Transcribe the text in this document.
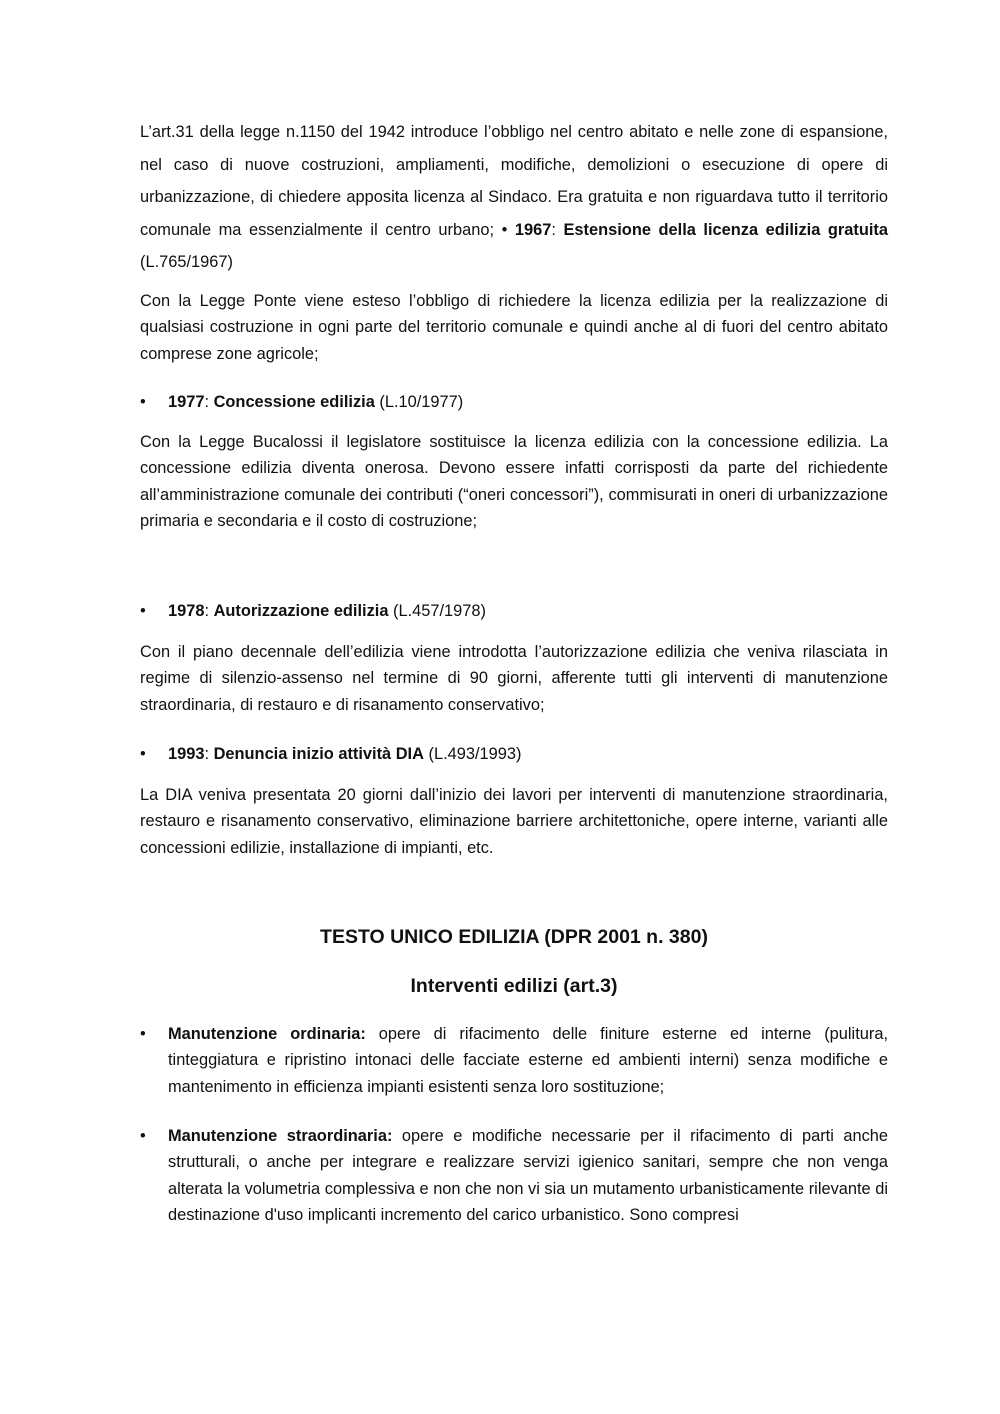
L’art.31 della legge n.1150 del 1942 introduce l’obbligo nel centro abitato e nelle zone di espansione, nel caso di nuove costruzioni, ampliamenti, modifiche, demolizioni o esecuzione di opere di urbanizzazione, di chiedere apposita licenza al Sindaco. Era gratuita e non riguardava tutto il territorio comunale ma essenzialmente il centro urbano; • 1967: Estensione della licenza edilizia gratuita (L.765/1967)

Con la Legge Ponte viene esteso l’obbligo di richiedere la licenza edilizia per la realizzazione di qualsiasi costruzione in ogni parte del territorio comunale e quindi anche al di fuori del centro abitato comprese zone agricole;

• 1977: Concessione edilizia (L.10/1977)

Con la Legge Bucalossi il legislatore sostituisce la licenza edilizia con la concessione edilizia. La concessione edilizia diventa onerosa. Devono essere infatti corrisposti da parte del richiedente all’amministrazione comunale dei contributi (“oneri concessori”), commisurati in oneri di urbanizzazione primaria e secondaria e il costo di costruzione;

• 1978: Autorizzazione edilizia (L.457/1978)

Con il piano decennale dell’edilizia viene introdotta l’autorizzazione edilizia che veniva rilasciata in regime di silenzio-assenso nel termine di 90 giorni, afferente tutti gli interventi di manutenzione straordinaria, di restauro e di risanamento conservativo;

• 1993: Denuncia inizio attività DIA (L.493/1993)

La DIA veniva presentata 20 giorni dall’inizio dei lavori per interventi di manutenzione straordinaria, restauro e risanamento conservativo, eliminazione barriere architettoniche, opere interne, varianti alle concessioni edilizie, installazione di impianti, etc.

TESTO UNICO EDILIZIA (DPR 2001 n. 380)
Interventi edilizi (art.3)
• Manutenzione ordinaria: opere di rifacimento delle finiture esterne ed interne (pulitura, tinteggiatura e ripristino intonaci delle facciate esterne ed ambienti interni) senza modifiche e mantenimento in efficienza impianti esistenti senza loro sostituzione;
• Manutenzione straordinaria: opere e modifiche necessarie per il rifacimento di parti anche strutturali, o anche per integrare e realizzare servizi igienico sanitari, sempre che non venga alterata la volumetria complessiva e non che non vi sia un mutamento urbanisticamente rilevante di destinazione d'uso implicanti incremento del carico urbanistico. Sono compresi
